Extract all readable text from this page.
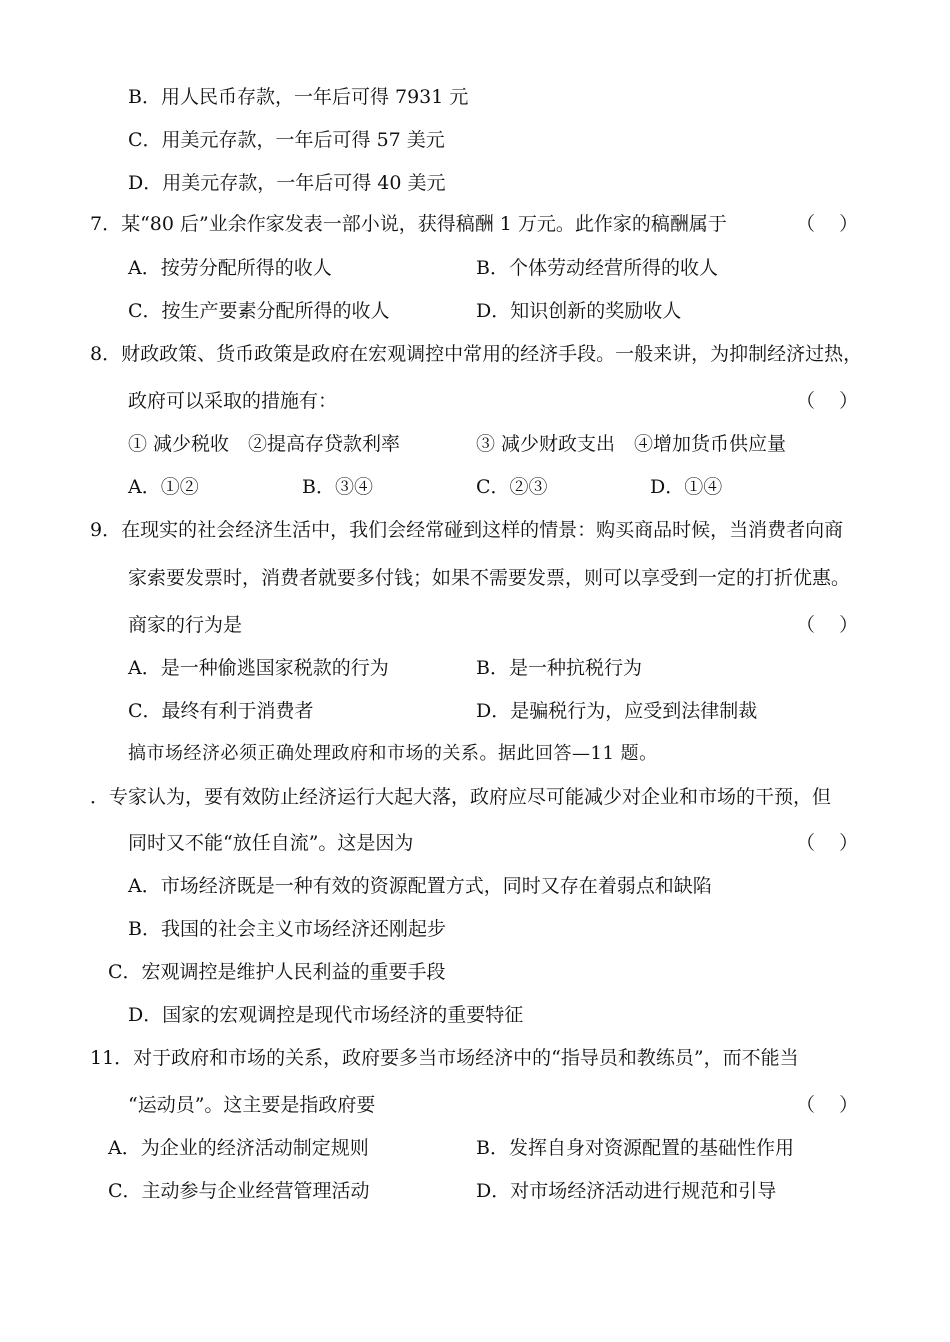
B．用人民币存款，一年后可得 7931 元
C．用美元存款，一年后可得 57 美元
D．用美元存款，一年后可得 40 美元
7．某“80 后”业余作家发表一部小说，获得稿酬 1 万元。此作家的稿酬属于	（    ）
A．按劳分配所得的收人	B．个体劳动经营所得的收人
C．按生产要素分配所得的收人	D．知识创新的奖励收人
8．财政政策、货币政策是政府在宏观调控中常用的经济手段。一般来讲，为抑制经济过热，
政府可以采取的措施有：	（    ）
① 减少税收　②提高存贷款利率	③ 减少财政支出　④增加货币供应量
A．①②	B．③④	C．②③	D．①④
9．在现实的社会经济生活中，我们会经常碰到这样的情景：购买商品时候，当消费者向商
家索要发票时，消费者就要多付钱；如果不需要发票，则可以享受到一定的打折优惠。
商家的行为是	（    ）
A．是一种偷逃国家税款的行为	B．是一种抗税行为
C．最终有利于消费者	D．是骗税行为，应受到法律制裁
搞市场经济必须正确处理政府和市场的关系。据此回答—11 题。
．专家认为，要有效防止经济运行大起大落，政府应尽可能减少对企业和市场的干预，但
同时又不能“放任自流”。这是因为	（    ）
A．市场经济既是一种有效的资源配置方式，同时又存在着弱点和缺陷
B．我国的社会主义市场经济还刚起步
C．宏观调控是维护人民利益的重要手段
D．国家的宏观调控是现代市场经济的重要特征
11．对于政府和市场的关系，政府要多当市场经济中的“指导员和教练员”，而不能当
“运动员”。这主要是指政府要	（    ）
A．为企业的经济活动制定规则	B．发挥自身对资源配置的基础性作用
C．主动参与企业经营管理活动	D．对市场经济活动进行规范和引导
